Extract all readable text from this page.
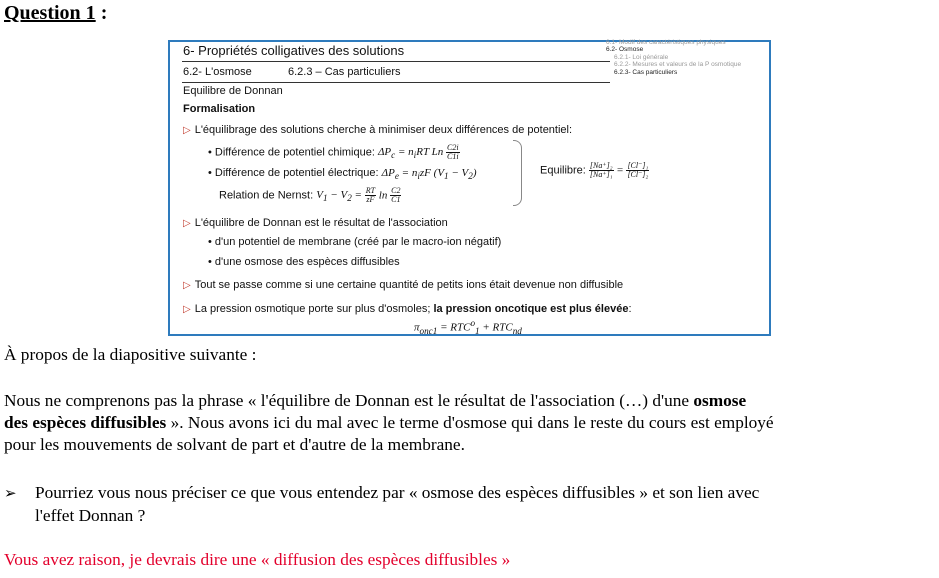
Question 1 :
6- Propriétés colligatives des solutions
6.2- L'osmose	6.2.3 – Cas particuliers
Equilibre de Donnan
Formalisation
6.1- Modif des caractéristiques physiques
6.2- Osmose
6.2.1- Loi générale
6.2.2- Mesures et valeurs de la P osmotique
6.2.3- Cas particuliers
▷ L'équilibrage des solutions cherche à minimiser deux différences de potentiel:
• Différence de potentiel chimique: $\Delta P_c = n_iRT$ Ln $\frac{C2i}{C1i}$
• Différence de potentiel électrique: $\Delta P_e = n_izF$ $(V_1 - V_2)$
Relation de Nernst: $V_1 - V_2 = \frac{RT}{zF}$ $\ln \frac{C2}{C1}$
Equilibre: $\frac{\text{[Na⁺]₂}}{\text{[Na⁺]₁}} = \frac{\text{[Cl⁻]₁}}{\text{[Cl⁻]₂}}$
▷ L'équilibre de Donnan est le résultat de l'association
• d'un potentiel de membrane (créé par le macro-ion négatif)
• d'une osmose des espèces diffusibles
▷ Tout se passe comme si une certaine quantité de petits ions était devenue non diffusible
▷ La pression osmotique porte sur plus d'osmoles; la pression oncotique est plus élevée:
$\pi_{onc1} = RTC^o_1 + RTC_{nd}$
À propos de la diapositive suivante :
Nous ne comprenons pas la phrase « l'équilibre de Donnan est le résultat de l'association (…) d'une osmose
des espèces diffusibles ». Nous avons ici du mal avec le terme d'osmose qui dans le reste du cours est employé
pour les mouvements de solvant de part et d'autre de la membrane.
➢ Pourriez vous nous préciser ce que vous entendez par « osmose des espèces diffusibles » et son lien avec
l'effet Donnan ?
Vous avez raison, je devrais dire une « diffusion des espèces diffusibles »
